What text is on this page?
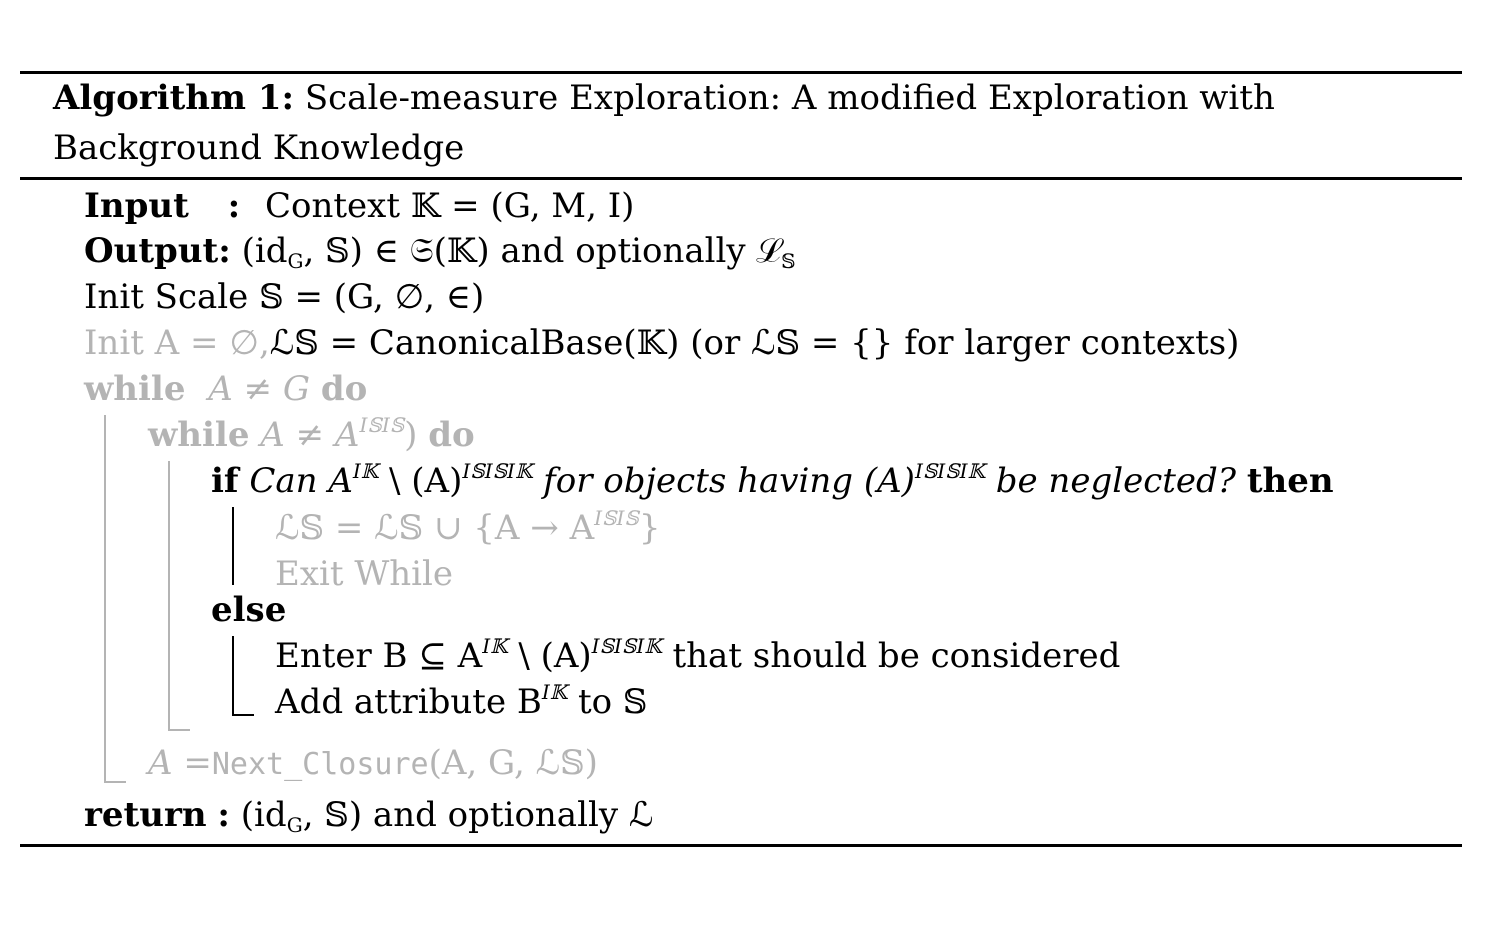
Algorithm 1: Scale-measure Exploration: A modified Exploration with
Background Knowledge
Input : Context 𝕂 = (G, M, I)
Output: ($id_G$, 𝕊) ∈ 𝔖(𝕂) and optionally ℒ$_𝕊$
Init Scale 𝕊 = (G, ∅, ∈)
Init A = ∅,ℒ𝕊 = CanonicalBase(𝕂) (or ℒ𝕊 = {} for larger contexts)
while A ≠ G do
while $A \ne A^{I𝕊I𝕊}$) do
if Can $A^{I𝕂}$ \ $(A)^{I𝕊I𝕊I𝕂}$ for objects having $(A)^{I𝕊I𝕊I𝕂}$ be neglected? then
ℒ𝕊 = ℒ𝕊 ∪ $\{A \to A^{I𝕊I𝕊}\}$
Exit While
else
Enter B ⊆ $A^{I𝕂}$ \ $(A)^{I𝕊I𝕊I𝕂}$ that should be considered
Add attribute $B^{I𝕂}$ to 𝕊
A =Next_Closure(A, G, ℒ𝕊)
return : ($id_G$, 𝕊) and optionally ℒ
